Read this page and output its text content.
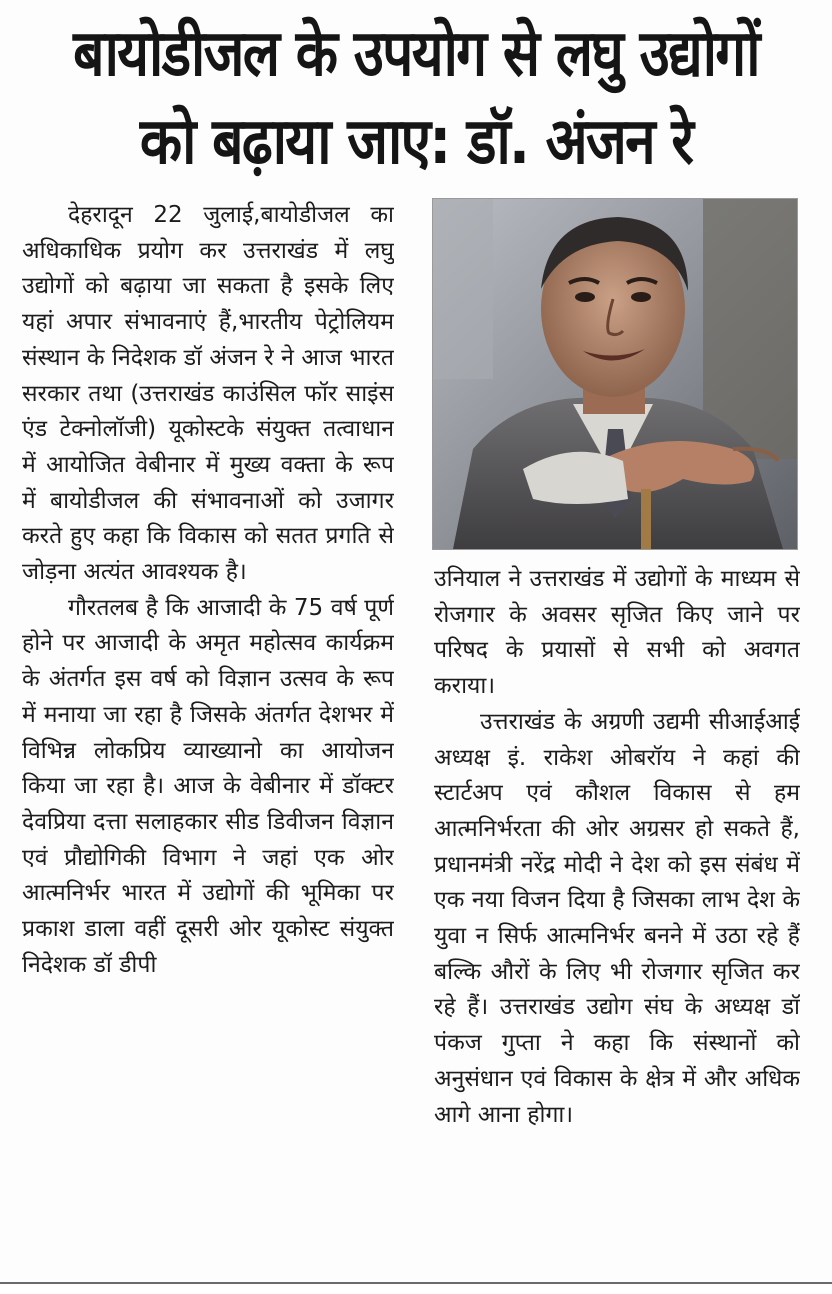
बायोडीजल के उपयोग से लघु उद्योगों
को बढ़ाया जाए: डॉ. अंजन रे

देहरादून 22 जुलाई,बायोडीजल का अधिकाधिक प्रयोग कर उत्तराखंड में लघु उद्योगों को बढ़ाया जा सकता है इसके लिए यहां अपार संभावनाएं हैं,भारतीय पेट्रोलियम संस्थान के निदेशक डॉ अंजन रे ने आज भारत सरकार तथा (उत्तराखंड काउंसिल फॉर साइंस एंड टेक्नोलॉजी) यूकोस्टके संयुक्त तत्वाधान में आयोजित वेबीनार में मुख्य वक्ता के रूप में बायोडीजल की संभावनाओं को उजागर करते हुए कहा कि विकास को सतत प्रगति से जोड़ना अत्यंत आवश्यक है।

गौरतलब है कि आजादी के 75 वर्ष पूर्ण होने पर आजादी के अमृत महोत्सव कार्यक्रम के अंतर्गत इस वर्ष को विज्ञान उत्सव के रूप में मनाया जा रहा है जिसके अंतर्गत देशभर में विभिन्न लोकप्रिय व्याख्यानो का आयोजन किया जा रहा है। आज के वेबीनार में डॉक्टर देवप्रिया दत्ता सलाहकार सीड डिवीजन विज्ञान एवं प्रौद्योगिकी विभाग ने जहां एक ओर आत्मनिर्भर भारत में उद्योगों की भूमिका पर प्रकाश डाला वहीं दूसरी ओर यूकोस्ट संयुक्त निदेशक डॉ डीपी

उनियाल ने उत्तराखंड में उद्योगों के माध्यम से रोजगार के अवसर सृजित किए जाने पर परिषद के प्रयासों से सभी को अवगत कराया।

उत्तराखंड के अग्रणी उद्यमी सीआईआई अध्यक्ष इं. राकेश ओबरॉय ने कहां की स्टार्टअप एवं कौशल विकास से हम आत्मनिर्भरता की ओर अग्रसर हो सकते हैं, प्रधानमंत्री नरेंद्र मोदी ने देश को इस संबंध में एक नया विजन दिया है जिसका लाभ देश के युवा न सिर्फ आत्मनिर्भर बनने में उठा रहे हैं बल्कि औरों के लिए भी रोजगार सृजित कर रहे हैं। उत्तराखंड उद्योग संघ के अध्यक्ष डॉ पंकज गुप्ता ने कहा कि संस्थानों को अनुसंधान एवं विकास के क्षेत्र में और अधिक आगे आना होगा।
